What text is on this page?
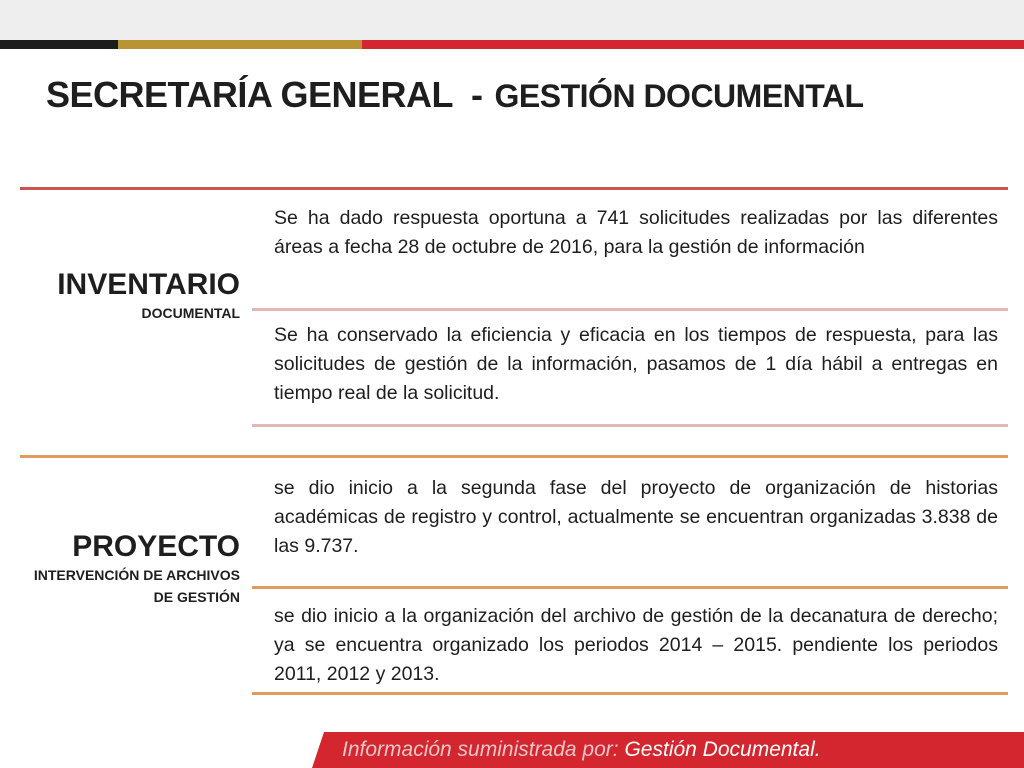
SECRETARÍA GENERAL - GESTIÓN DOCUMENTAL
INVENTARIO
DOCUMENTAL
Se ha dado respuesta oportuna a 741 solicitudes realizadas por las diferentes áreas a fecha 28 de octubre de 2016, para la gestión de información
Se ha conservado la eficiencia y eficacia en los tiempos de respuesta, para las solicitudes de gestión de la información, pasamos de 1 día hábil a entregas en tiempo real de la solicitud.
PROYECTO
INTERVENCIÓN DE ARCHIVOS DE GESTIÓN
se dio inicio a la segunda fase del proyecto de organización de historias académicas de registro y control, actualmente se encuentran organizadas 3.838 de las 9.737.
se dio inicio a la organización del archivo de gestión de la decanatura de derecho; ya se encuentra organizado los periodos 2014 – 2015. pendiente los periodos 2011, 2012 y 2013.
Información suministrada por: Gestión Documental.
